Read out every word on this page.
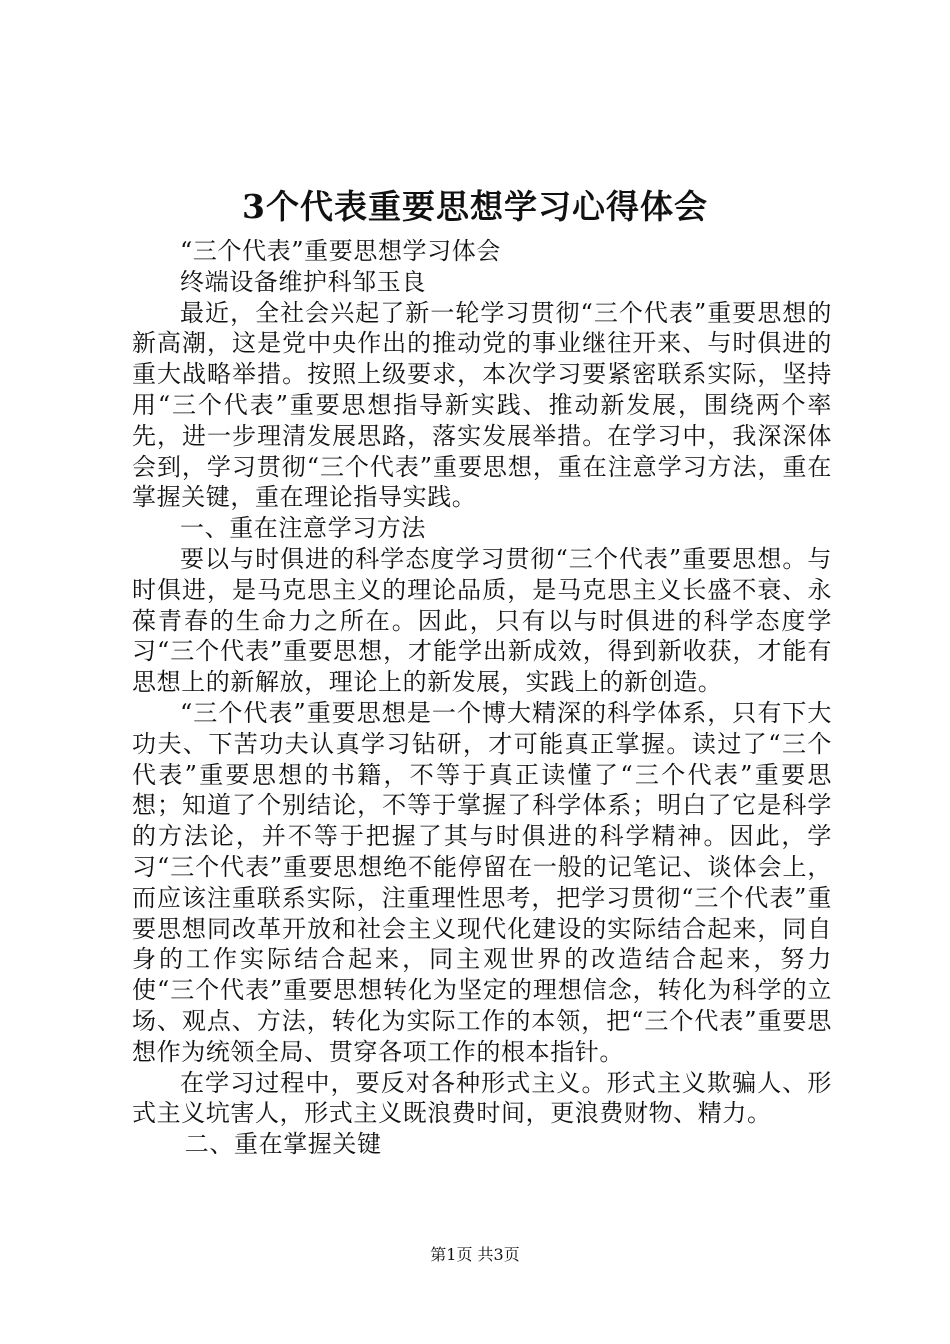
3个代表重要思想学习心得体会

“三个代表”重要思想学习体会

终端设备维护科邹玉良

最近，全社会兴起了新一轮学习贯彻“三个代表”重要思想的新高潮，这是党中央作出的推动党的事业继往开来、与时俱进的重大战略举措。按照上级要求，本次学习要紧密联系实际，坚持用“三个代表”重要思想指导新实践、推动新发展，围绕两个率先，进一步理清发展思路，落实发展举措。在学习中，我深深体会到，学习贯彻“三个代表”重要思想，重在注意学习方法，重在掌握关键，重在理论指导实践。

一、重在注意学习方法

要以与时俱进的科学态度学习贯彻“三个代表”重要思想。与时俱进，是马克思主义的理论品质，是马克思主义长盛不衰、永葆青春的生命力之所在。因此，只有以与时俱进的科学态度学习“三个代表”重要思想，才能学出新成效，得到新收获，才能有思想上的新解放，理论上的新发展，实践上的新创造。

“三个代表”重要思想是一个博大精深的科学体系，只有下大功夫、下苦功夫认真学习钻研，才可能真正掌握。读过了“三个代表”重要思想的书籍，不等于真正读懂了“三个代表”重要思想；知道了个别结论，不等于掌握了科学体系；明白了它是科学的方法论，并不等于把握了其与时俱进的科学精神。因此，学习“三个代表”重要思想绝不能停留在一般的记笔记、谈体会上，而应该注重联系实际，注重理性思考，把学习贯彻“三个代表”重要思想同改革开放和社会主义现代化建设的实际结合起来，同自身的工作实际结合起来，同主观世界的改造结合起来，努力使“三个代表”重要思想转化为坚定的理想信念，转化为科学的立场、观点、方法，转化为实际工作的本领，把“三个代表”重要思想作为统领全局、贯穿各项工作的根本指针。

在学习过程中，要反对各种形式主义。形式主义欺骗人、形式主义坑害人，形式主义既浪费时间，更浪费财物、精力。

二、重在掌握关键

第1页 共3页
